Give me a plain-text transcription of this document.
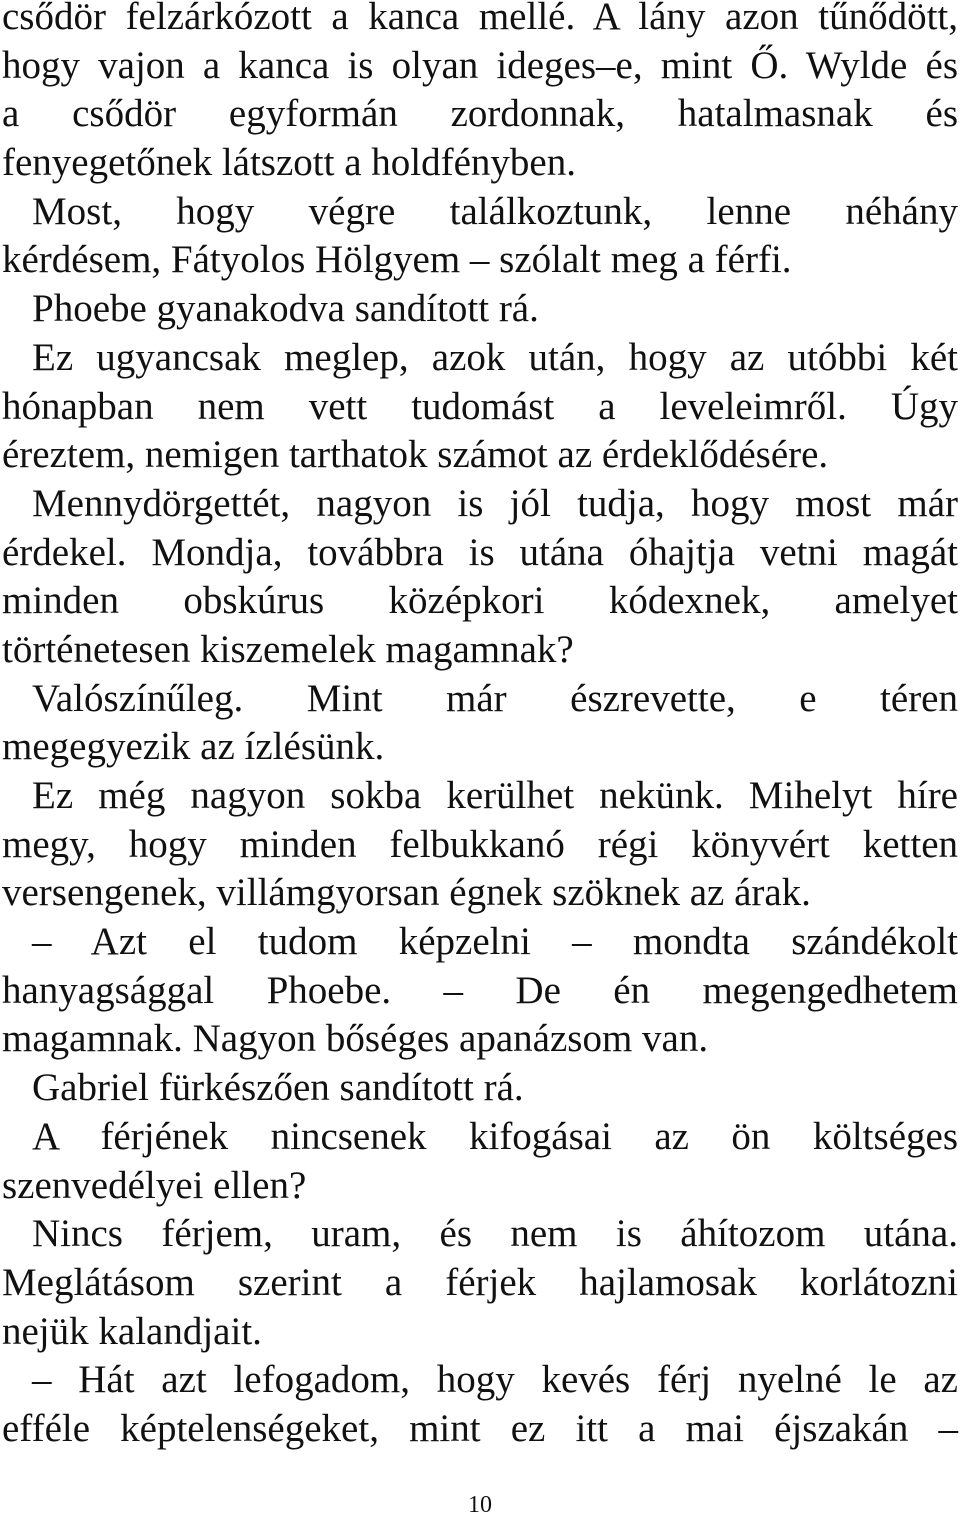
csődör felzárkózott a kanca mellé. A lány azon tűnődött,
hogy vajon a kanca is olyan ideges–e, mint Ő. Wylde és
a csődör egyformán zordonnak, hatalmasnak és
fenyegetőnek látszott a holdfényben.
Most, hogy végre találkoztunk, lenne néhány
kérdésem, Fátyolos Hölgyem – szólalt meg a férfi.
Phoebe gyanakodva sandított rá.
Ez ugyancsak meglep, azok után, hogy az utóbbi két
hónapban nem vett tudomást a leveleimről. Úgy
éreztem, nemigen tarthatok számot az érdeklődésére.
Mennydörgettét, nagyon is jól tudja, hogy most már
érdekel. Mondja, továbbra is utána óhajtja vetni magát
minden obskúrus középkori kódexnek, amelyet
történetesen kiszemelek magamnak?
Valószínűleg. Mint már észrevette, e téren
megegyezik az ízlésünk.
Ez még nagyon sokba kerülhet nekünk. Mihelyt híre
megy, hogy minden felbukkanó régi könyvért ketten
versengenek, villámgyorsan égnek szöknek az árak.
– Azt el tudom képzelni – mondta szándékolt
hanyagsággal Phoebe. – De én megengedhetem
magamnak. Nagyon bőséges apanázsom van.
Gabriel fürkészően sandított rá.
A férjének nincsenek kifogásai az ön költséges
szenvedélyei ellen?
Nincs férjem, uram, és nem is áhítozom utána.
Meglátásom szerint a férjek hajlamosak korlátozni
nejük kalandjait.
– Hát azt lefogadom, hogy kevés férj nyelné le az
efféle képtelenségeket, mint ez itt a mai éjszakán –
10
